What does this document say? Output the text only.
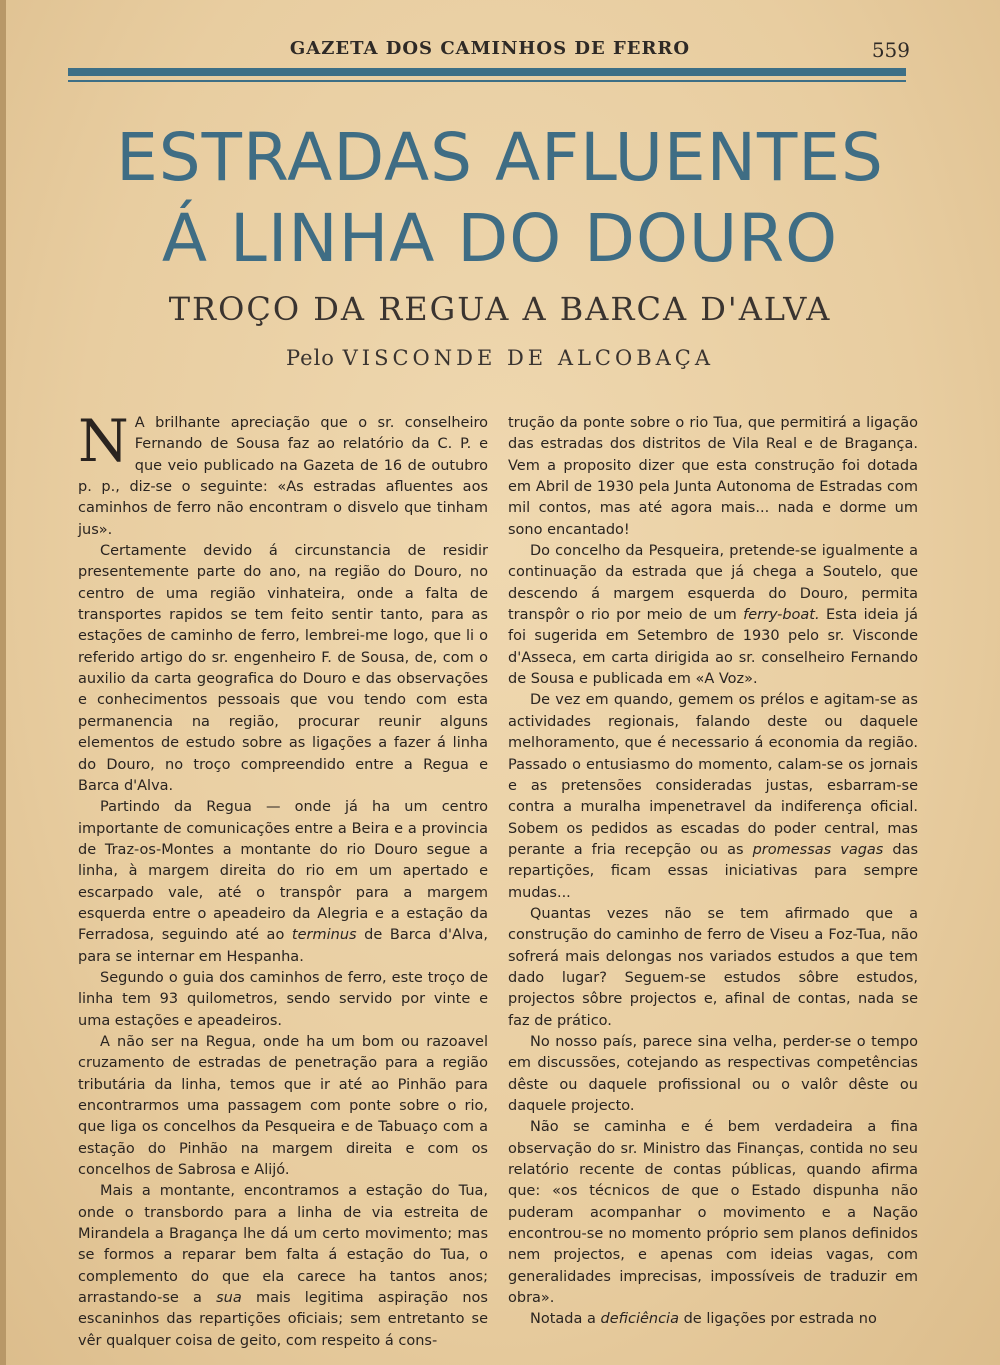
GAZETA DOS CAMINHOS DE FERRO	559
ESTRADAS AFLUENTES
Á LINHA DO DOURO
TROÇO DA REGUA A BARCA D'ALVA
Pelo VISCONDE DE ALCOBAÇA

N A brilhante apreciação que o sr. conselheiro Fernando de Sousa faz ao relatório da C. P. e que veio publicado na Gazeta de 16 de outubro p. p., diz-se o seguinte: «As estradas afluentes aos caminhos de ferro não encontram o disvelo que tinham jus».

Certamente devido á circunstancia de residir presentemente parte do ano, na região do Douro, no centro de uma região vinhateira, onde a falta de transportes rapidos se tem feito sentir tanto, para as estações de caminho de ferro, lembrei-me logo, que li o referido artigo do sr. engenheiro F. de Sousa, de, com o auxilio da carta geografica do Douro e das observações e conhecimentos pessoais que vou tendo com esta permanencia na região, procurar reunir alguns elementos de estudo sobre as ligações a fazer á linha do Douro, no troço compreendido entre a Regua e Barca d'Alva.

Partindo da Regua — onde já ha um centro importante de comunicações entre a Beira e a provincia de Traz-os-Montes a montante do rio Douro segue a linha, à margem direita do rio em um apertado e escarpado vale, até o transpôr para a margem esquerda entre o apeadeiro da Alegria e a estação da Ferradosa, seguindo até ao terminus de Barca d'Alva, para se internar em Hespanha.

Segundo o guia dos caminhos de ferro, este troço de linha tem 93 quilometros, sendo servido por vinte e uma estações e apeadeiros.

A não ser na Regua, onde ha um bom ou razoavel cruzamento de estradas de penetração para a região tributária da linha, temos que ir até ao Pinhão para encontrarmos uma passagem com ponte sobre o rio, que liga os concelhos da Pesqueira e de Tabuaço com a estação do Pinhão na margem direita e com os concelhos de Sabrosa e Alijó.

Mais a montante, encontramos a estação do Tua, onde o transbordo para a linha de via estreita de Mirandela a Bragança lhe dá um certo movimento; mas se formos a reparar bem falta á estação do Tua, o complemento do que ela carece ha tantos anos; arrastando-se a sua mais legitima aspiração nos escaninhos das repartições oficiais; sem entretanto se vêr qualquer coisa de geito, com respeito á cons-

trução da ponte sobre o rio Tua, que permitirá a ligação das estradas dos distritos de Vila Real e de Bragança. Vem a proposito dizer que esta construção foi dotada em Abril de 1930 pela Junta Autonoma de Estradas com mil contos, mas até agora mais... nada e dorme um sono encantado!

Do concelho da Pesqueira, pretende-se igualmente a continuação da estrada que já chega a Soutelo, que descendo á margem esquerda do Douro, permita transpôr o rio por meio de um ferry-boat. Esta ideia já foi sugerida em Setembro de 1930 pelo sr. Visconde d'Asseca, em carta dirigida ao sr. conselheiro Fernando de Sousa e publicada em «A Voz».

De vez em quando, gemem os prélos e agitam-se as actividades regionais, falando deste ou daquele melhoramento, que é necessario á economia da região. Passado o entusiasmo do momento, calam-se os jornais e as pretensões consideradas justas, esbarram-se contra a muralha impenetravel da indiferença oficial. Sobem os pedidos as escadas do poder central, mas perante a fria recepção ou as promessas vagas das repartições, ficam essas iniciativas para sempre mudas...

Quantas vezes não se tem afirmado que a construção do caminho de ferro de Viseu a Foz-Tua, não sofrerá mais delongas nos variados estudos a que tem dado lugar? Seguem-se estudos sôbre estudos, projectos sôbre projectos e, afinal de contas, nada se faz de prático.

No nosso país, parece sina velha, perder-se o tempo em discussões, cotejando as respectivas competências dêste ou daquele profissional ou o valôr dêste ou daquele projecto.

Não se caminha e é bem verdadeira a fina observação do sr. Ministro das Finanças, contida no seu relatório recente de contas públicas, quando afirma que: «os técnicos de que o Estado dispunha não puderam acompanhar o movimento e a Nação encontrou-se no momento próprio sem planos definidos nem projectos, e apenas com ideias vagas, com generalidades imprecisas, impossíveis de traduzir em obra».

Notada a deficiência de ligações por estrada no
